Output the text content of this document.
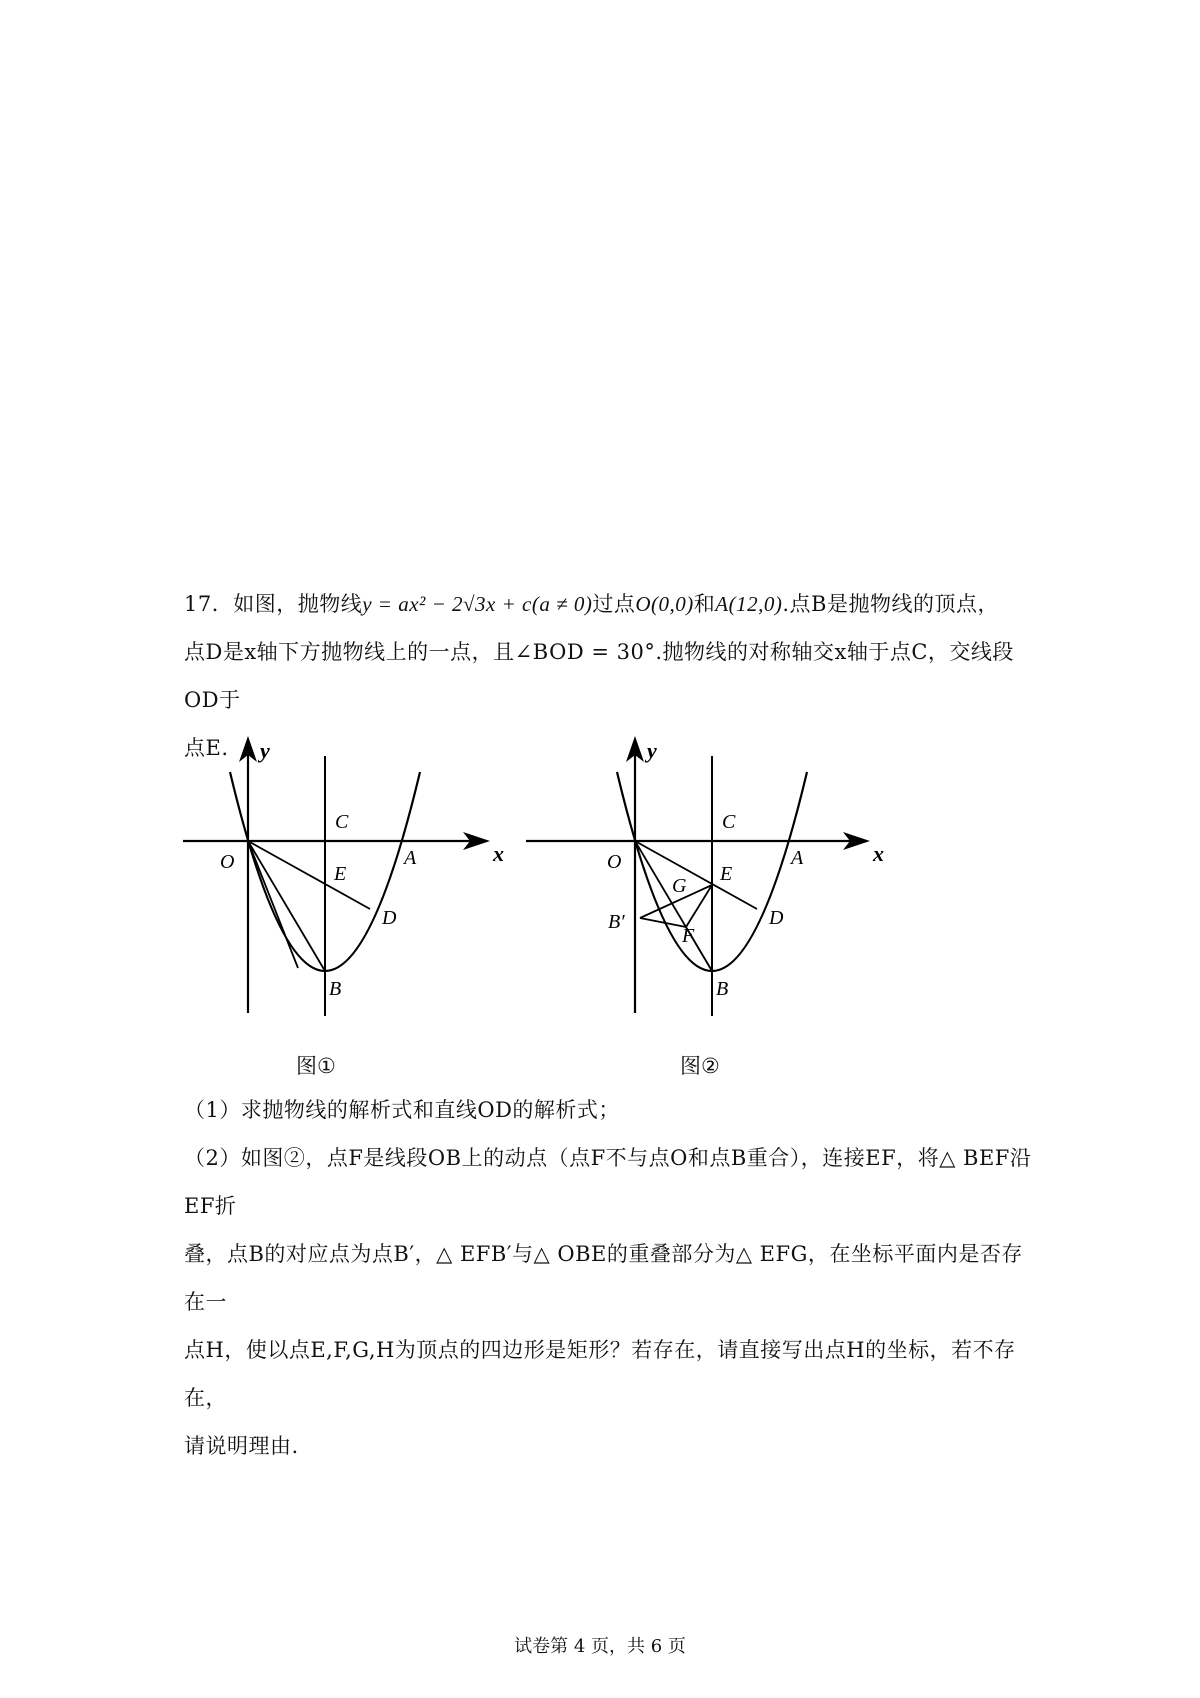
17．如图，抛物线y = ax² − 2√3x + c(a ≠ 0)过点O(0,0)和A(12,0).点B是抛物线的顶点，

点D是x轴下方抛物线上的一点，且∠BOD = 30°.抛物线的对称轴交x轴于点C，交线段OD于

点E.	y
x
O
C
A
E
D
B
图①
y
x
O
C
A
E
G
F
B′	D
B
图②

（1）求抛物线的解析式和直线OD的解析式；

（2）如图②，点F是线段OB上的动点（点F不与点O和点B重合），连接EF，将△ BEF沿EF折

叠，点B的对应点为点B′，△ EFB′与△ OBE的重叠部分为△ EFG，在坐标平面内是否存在一

点H，使以点E,F,G,H为顶点的四边形是矩形？若存在，请直接写出点H的坐标，若不存在，

请说明理由.

试卷第 4 页，共 6 页
